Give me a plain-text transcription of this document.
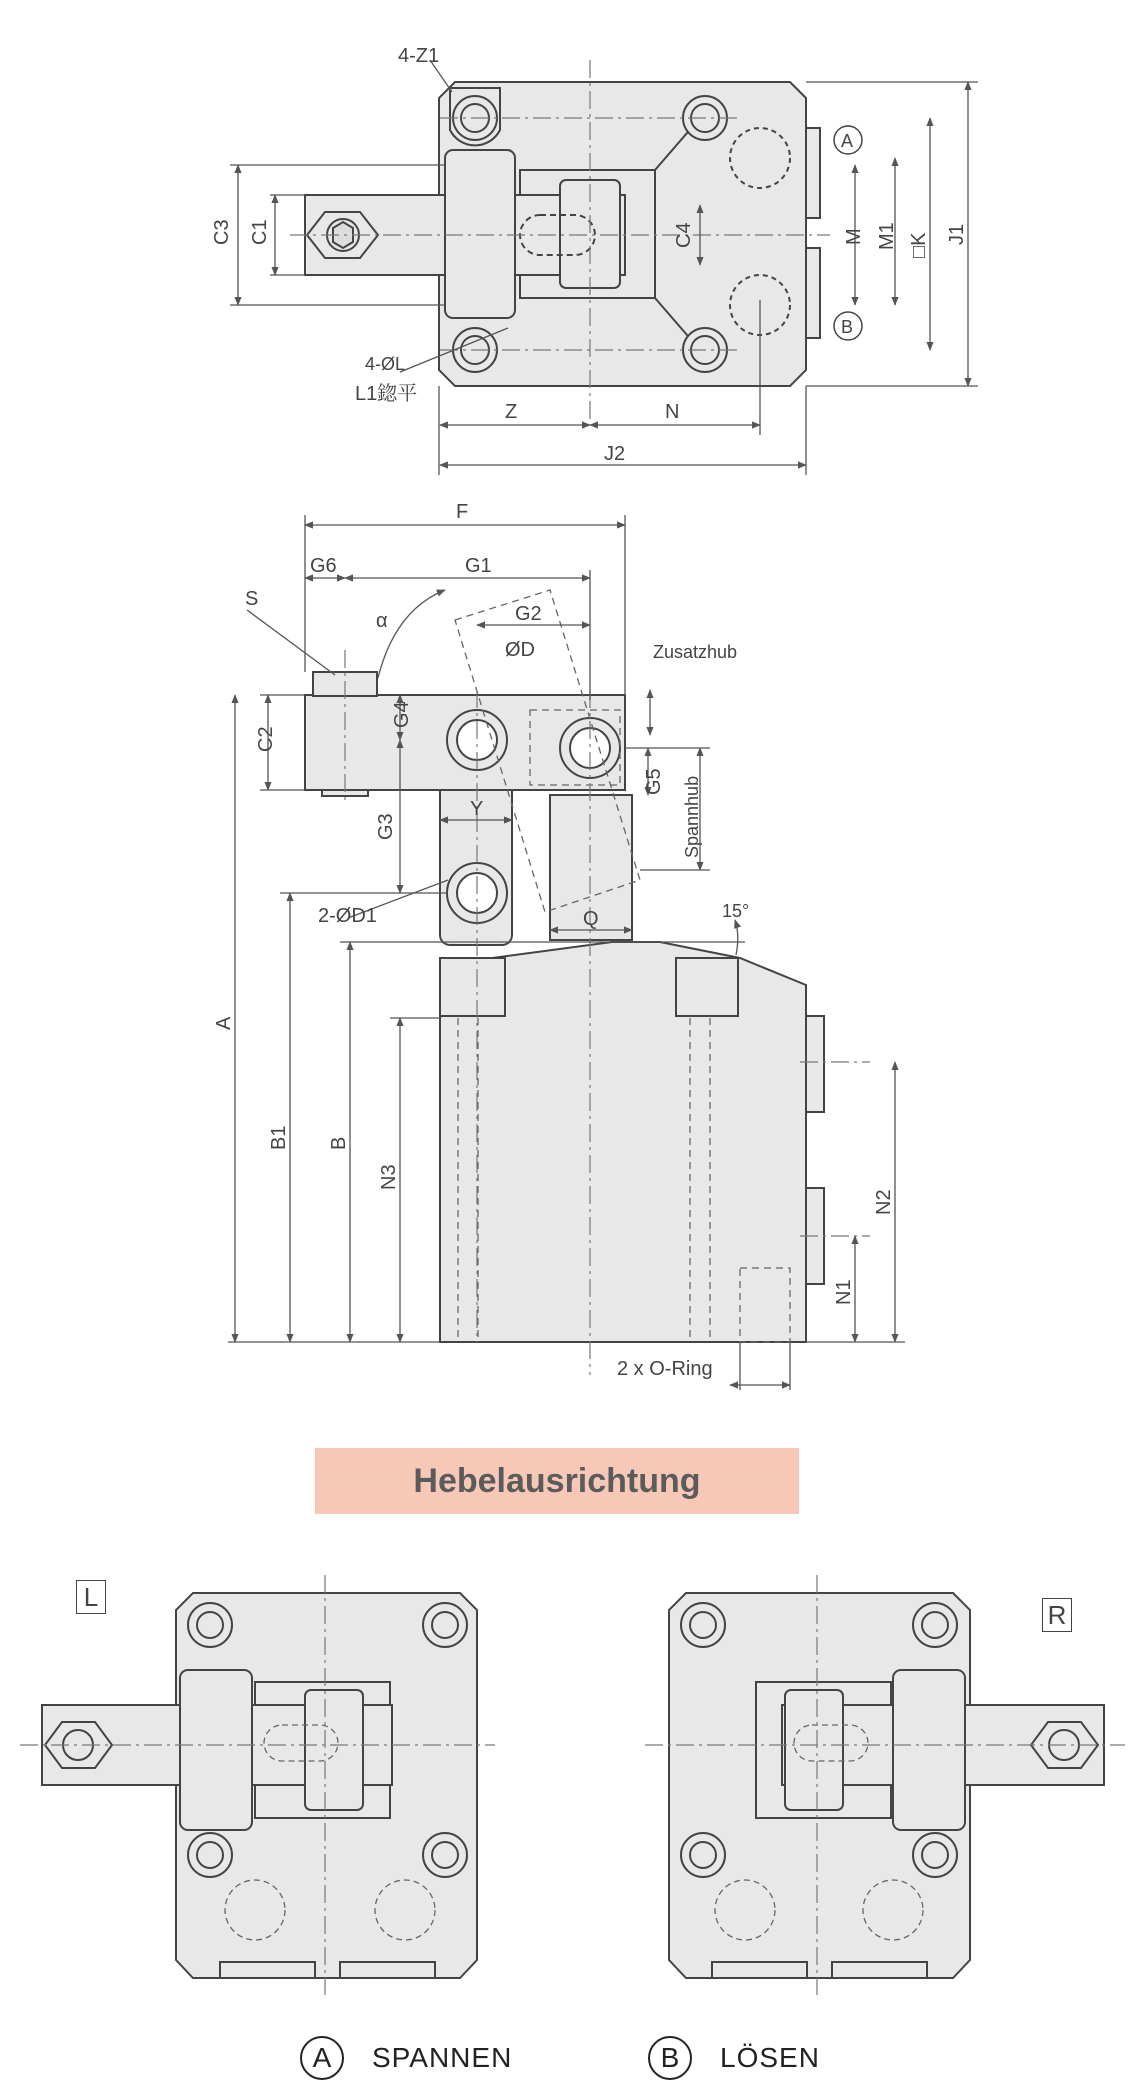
4-Z1
A
B
C3 C1	C4	M M1 □K J1
4-ØL
L1鍃平
Z	N
J2
F
G6	G1
G2
S
α
ØD	Zusatzhub
C2
G4
G5 Spannhub
G3
Y
2-ØD1	Q	15°
A
B1 B
N3
N2
N1
2 x O-Ring
Hebelausrichtung
L
R
A	SPANNEN	B	LÖSEN
